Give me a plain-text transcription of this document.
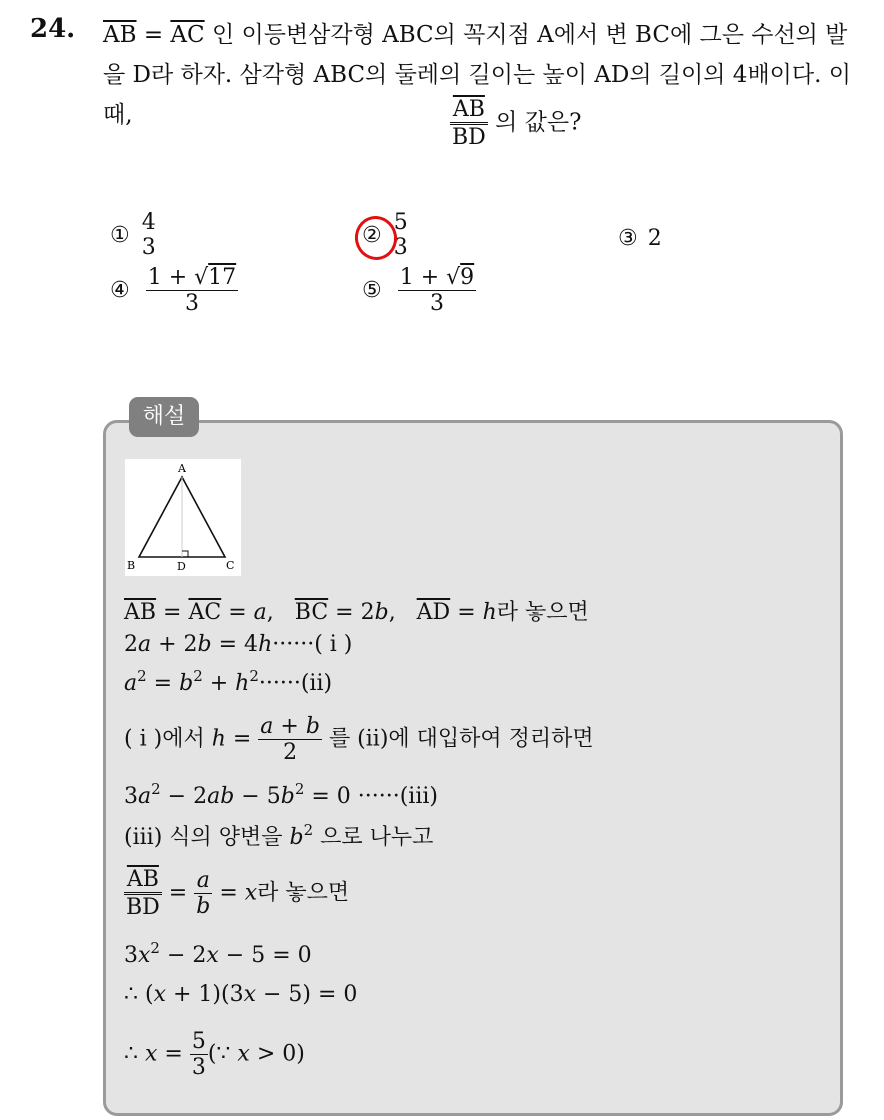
24. $\overline{AB} = \overline{AC}$ 인 이등변삼각형 ABC의 꼭지점 A에서 변 BC에 그은 수선의 발을 D라 하자. 삼각형 ABC의 둘레의 길이는 높이 AD의 길이의 4배이다. 이 때,	$\frac{\overline{AB}}{BD}$ 의 값은?
①
4
3	②
5
3	③ 2
④ $\frac{1 + √17}{3}$	⑤ $\frac{1 + √9}{3}$
해설
A
B	C
D
$\overline{AB} = \overline{AC} = a$,   $\overline{BC} = 2b$,   $\overline{AD} = h$라 놓으면
2a + 2b = 4h······( i )
$a^2 = b^2 + h^2\cdot\cdot\cdot\cdot\cdot\cdot(ii)$
( i )에서 $h = \frac{a + b}{2}$ 를 (ii)에 대입하여 정리하면
$3a^2 - 2ab - 5b^2 = 0 \cdot\cdot\cdot\cdot\cdot\cdot(iii)$
(iii) 식의 양변을 $b^2$ 으로 나누고
$\frac{\overline{AB}}{BD} = \frac{a}{b} = x$라 놓으면
$3x^2 - 2x - 5 = 0$
∴ (x + 1)(3x − 5) = 0
∴ $x = \frac{5}{3}$ (∵ x > 0)
